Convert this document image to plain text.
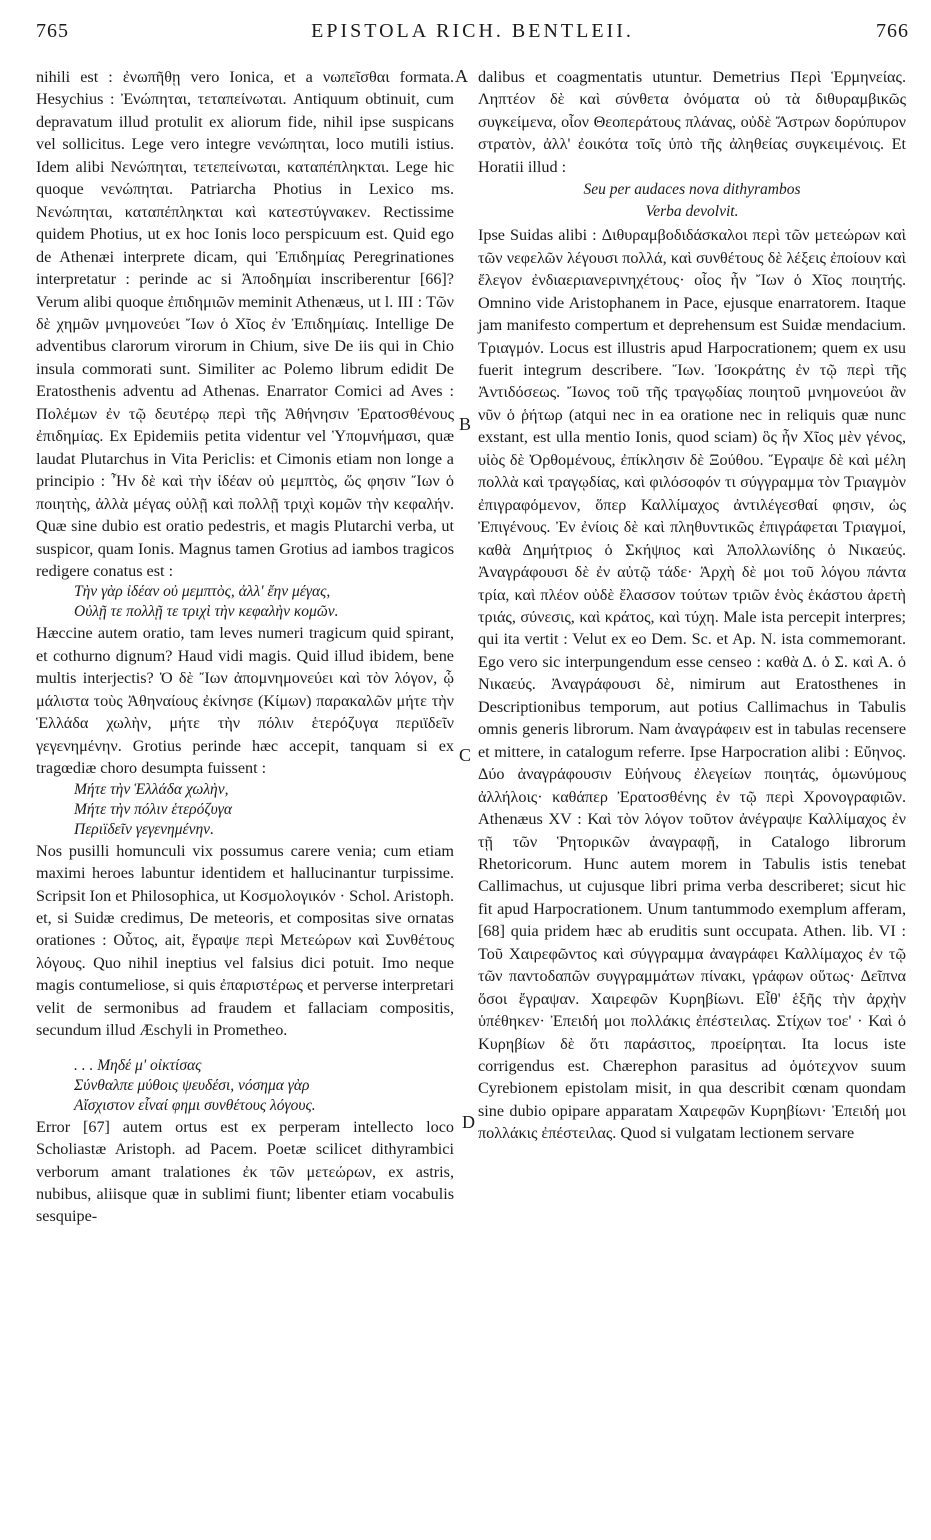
765	EPISTOLA RICH. BENTLEII.	766
A
B
C
D

nihili est : ἐνωπῆθῃ vero Ionica, et a νωπεῖσθαι formata. Hesychius : Ἐνώπηται, τεταπείνωται. Antiquum obtinuit, cum depravatum illud protulit ex aliorum fide, nihil ipse suspicans vel sollicitus. Lege vero integre νενώπηται, loco mutili istius. Idem alibi Νενώπηται, τετεπείνωται, καταπέπληκται. Lege hic quoque νενώπηται. Patriarcha Photius in Lexico ms. Νενώπηται, καταπέπληκται καὶ κατεστύγνακεν. Rectissime quidem Photius, ut ex hoc Ionis loco perspicuum est. Quid ego de Athenæi interprete dicam, qui Ἐπιδημίας Peregrinationes interpretatur : perinde ac si Ἀποδημίαι inscriberentur [66]? Verum alibi quoque ἐπιδημιῶν meminit Athenæus, ut l. III : Τῶν δὲ χημῶν μνημονεύει Ἴων ὁ Χῖος ἐν Ἐπιδημίαις. Intellige De adventibus clarorum virorum in Chium, sive De iis qui in Chio insula commorati sunt. Similiter ac Polemo librum edidit De Eratosthenis adventu ad Athenas. Enarrator Comici ad Aves : Πολέμων ἐν τῷ δευτέρῳ περὶ τῆς Ἀθήνησιν Ἐρατοσθένους ἐπιδημίας. Ex Epidemiis petita videntur vel Ὑπομνήμασι, quæ laudat Plutarchus in Vita Periclis: et Cimonis etiam non longe a principio : Ἦν δὲ καὶ τὴν ἰδέαν οὐ μεμπτὸς, ὥς φησιν Ἴων ὁ ποιητὴς, ἀλλὰ μέγας οὐλῇ καὶ πολλῇ τριχὶ κομῶν τὴν κεφαλήν. Quæ sine dubio est oratio pedestris, et magis Plutarchi verba, ut suspicor, quam Ionis. Magnus tamen Grotius ad iambos tragicos redigere conatus est :

Τὴν γὰρ ἰδέαν οὐ μεμπτὸς, ἀλλ' ἔην μέγας,
Οὐλῇ τε πολλῇ τε τριχὶ τὴν κεφαλὴν κομῶν.

Hæccine autem oratio, tam leves numeri tragicum quid spirant, et cothurno dignum? Haud vidi magis. Quid illud ibidem, bene multis interjectis? Ὁ δὲ Ἴων ἀπομνημονεύει καὶ τὸν λόγον, ᾧ μάλιστα τοὺς Ἀθηναίους ἐκίνησε (Κίμων) παρακαλῶν μήτε τὴν Ἑλλάδα χωλὴν, μήτε τὴν πόλιν ἑτερόζυγα περιϊδεῖν γεγενημένην. Grotius perinde hæc accepit, tanquam si ex tragœdiæ choro desumpta fuissent :

Μήτε τὴν Ἑλλάδα χωλὴν,
Μήτε τὴν πόλιν ἑτερόζυγα
Περιϊδεῖν γεγενημένην.

Nos pusilli homunculi vix possumus carere venia; cum etiam maximi heroes labuntur identidem et hallucinantur turpissime. Scripsit Ion et Philosophica, ut Κοσμολογικόν · Schol. Aristoph. et, si Suidæ credimus, De meteoris, et compositas sive ornatas orationes : Οὗτος, ait, ἔγραψε περὶ Μετεώρων καὶ Συνθέτους λόγους. Quo nihil ineptius vel falsius dici potuit. Imo neque magis contumeliose, si quis ἐπαριστέρως et perverse interpretari velit de sermonibus ad fraudem et fallaciam compositis, secundum illud Æschyli in Prometheo.

. . . Μηδέ μ' οἰκτίσας
Σύνθαλπε μύθοις ψευδέσι, νόσημα γὰρ
Αἴσχιστον εἶναί φημι συνθέτους λόγους.

Error [67] autem ortus est ex perperam intellecto loco Scholiastæ Aristoph. ad Pacem. Poetæ scilicet dithyrambici verborum amant tralationes ἐκ τῶν μετεώρων, ex astris, nubibus, aliisque quæ in sublimi fiunt; libenter etiam vocabulis sesquipe-

dalibus et coagmentatis utuntur. Demetrius Περὶ Ἑρμηνείας. Ληπτέον δὲ καὶ σύνθετα ὀνόματα οὐ τὰ διθυραμβικῶς συγκείμενα, οἷον Θεοπεράτους πλάνας, οὐδὲ Ἄστρων δορύπυρον στρατὸν, ἀλλ' ἐοικότα τοῖς ὑπὸ τῆς ἀληθείας συγκειμένοις. Et Horatii illud :

Seu per audaces nova dithyrambos
Verba devolvit.

Ipse Suidas alibi : Διθυραμβοδιδάσκαλοι περὶ τῶν μετεώρων καὶ τῶν νεφελῶν λέγουσι πολλά, καὶ συνθέτους δὲ λέξεις ἐποίουν καὶ ἔλεγον ἐνδιαεριανερινηχέτους· οἷος ἦν Ἴων ὁ Χῖος ποιητής. Omnino vide Aristophanem in Pace, ejusque enarratorem. Itaque jam manifesto compertum et deprehensum est Suidæ mendacium. Τριαγμόν. Locus est illustris apud Harpocrationem; quem ex usu fuerit integrum describere. Ἴων. Ἰσοκράτης ἐν τῷ περὶ τῆς Ἀντιδόσεως. Ἴωνος τοῦ τῆς τραγῳδίας ποιητοῦ μνημονεύοι ἂν νῦν ὁ ῥήτωρ (atqui nec in ea oratione nec in reliquis quæ nunc exstant, est ulla mentio Ionis, quod sciam) ὃς ἦν Χῖος μὲν γένος, υἱὸς δὲ Ὀρθομένους, ἐπίκλησιν δὲ Ξούθου. Ἔγραψε δὲ καὶ μέλη πολλὰ καὶ τραγῳδίας, καὶ φιλόσοφόν τι σύγγραμμα τὸν Τριαγμὸν ἐπιγραφόμενον, ὅπερ Καλλίμαχος ἀντιλέγεσθαί φησιν, ὡς Ἐπιγένους. Ἐν ἐνίοις δὲ καὶ πληθυντικῶς ἐπιγράφεται Τριαγμοί, καθὰ Δημήτριος ὁ Σκήψιος καὶ Ἀπολλωνίδης ὁ Νικαεύς. Ἀναγράφουσι δὲ ἐν αὐτῷ τάδε· Ἀρχὴ δὲ μοι τοῦ λόγου πάντα τρία, καὶ πλέον οὐδὲ ἔλασσον τούτων τριῶν ἑνὸς ἑκάστου ἀρετὴ τριάς, σύνεσις, καὶ κράτος, καὶ τύχη. Male ista percepit interpres; qui ita vertit : Velut ex eo Dem. Sc. et Ap. N. ista commemorant. Ego vero sic interpungendum esse censeo : καθὰ Δ. ὁ Σ. καὶ Α. ὁ Νικαεύς. Ἀναγράφουσι δὲ, nimirum aut Eratosthenes in Descriptionibus temporum, aut potius Callimachus in Tabulis omnis generis librorum. Nam ἀναγράφειν est in tabulas recensere et mittere, in catalogum referre. Ipse Harpocration alibi : Εὔηνος. Δύο ἀναγράφουσιν Εὐήνους ἐλεγείων ποιητάς, ὁμωνύμους ἀλλήλοις· καθάπερ Ἐρατοσθένης ἐν τῷ περὶ Χρονογραφιῶν. Athenæus XV : Καὶ τὸν λόγον τοῦτον ἀνέγραψε Καλλίμαχος ἐν τῇ τῶν Ῥητορικῶν ἀναγραφῇ, in Catalogo librorum Rhetoricorum. Hunc autem morem in Tabulis istis tenebat Callimachus, ut cujusque libri prima verba describeret; sicut hic fit apud Harpocrationem. Unum tantummodo exemplum afferam, [68] quia pridem hæc ab eruditis sunt occupata. Athen. lib. VI : Τοῦ Χαιρεφῶντος καὶ σύγγραμμα ἀναγράφει Καλλίμαχος ἐν τῷ τῶν παντοδαπῶν συγγραμμάτων πίνακι, γράφων οὕτως· Δεῖπνα ὅσοι ἔγραψαν. Χαιρεφῶν Κυρηβίωνι. Εἶθ' ἑξῆς τὴν ἀρχὴν ὑπέθηκεν· Ἐπειδή μοι πολλάκις ἐπέστειλας. Στίχων τοε' · Καὶ ὁ Κυρηβίων δὲ ὅτι παράσιτος, προείρηται. Ita locus iste corrigendus est. Chærephon parasitus ad ὁμότεχνον suum Cyrebionem epistolam misit, in qua describit cœnam quondam sine dubio opipare apparatam Χαιρεφῶν Κυρηβίωνι· Ἐπειδή μοι πολλάκις ἐπέστειλας. Quod si vulgatam lectionem servare
